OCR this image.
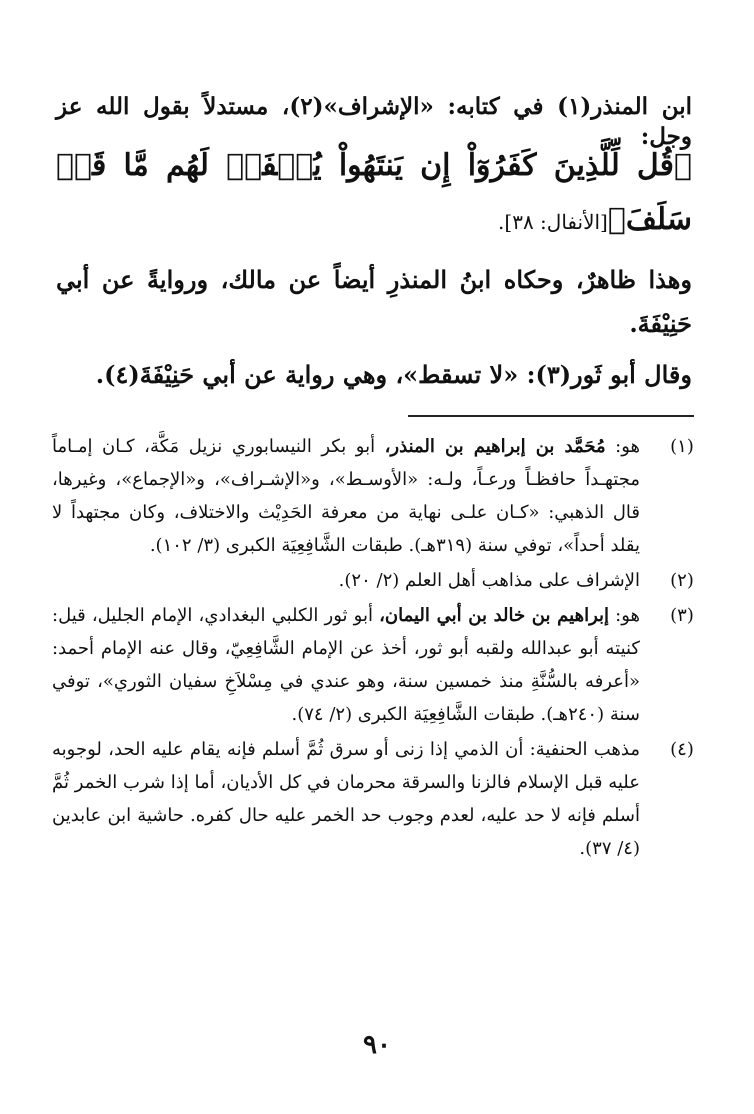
ابن المنذر(١) في كتابه: «الإشراف»(٢)، مستدلاً بقول الله عز وجل:
﴿قُل لِّلَّذِينَ كَفَرُوٓاْ إِن يَنتَهُواْ يُغۡفَرۡ لَهُم مَّا قَدۡ سَلَفَ﴾[الأنفال: ٣٨].
وهذا ظاهرٌ، وحكاه ابنُ المنذرِ أيضاً عن مالك، وروايةً عن أبي حَنِيْفَةَ.
وقال أبو ثَور(٣): «لا تسقط»، وهي رواية عن أبي حَنِيْفَةَ(٤).
(١)
هو: مُحَمَّد بن إبراهيم بن المنذر، أبو بكر النيسابوري نزيل مَكَّة، كـان إمـاماً مجتهـداً حافظـاً ورعـاً، ولـه: «الأوسـط»، و«الإشـراف»، و«الإجماع»، وغيرها، قال الذهبي: «كـان علـى نهاية من معرفة الحَدِيْث والاختلاف، وكان مجتهداً لا يقلد أحداً»، توفي سنة (٣١٩هـ). طبقات الشَّافِعِيَة الكبرى (٣/ ١٠٢).
(٢)
الإشراف على مذاهب أهل العلم (٢/ ٢٠).
(٣)
هو: إبراهيم بن خالد بن أبي اليمان، أبو ثور الكلبي البغدادي، الإمام الجليل، قيل: كنيته أبو عبدالله ولقبه أبو ثور، أخذ عن الإمام الشَّافِعِيّ، وقال عنه الإمام أحمد: «أعرفه بالسُّنَّةِ منذ خمسين سنة، وهو عندي في مِسْلاَخِ سفيان الثوري»، توفي سنة (٢٤٠هـ). طبقات الشَّافِعِيَة الكبرى (٢/ ٧٤).
(٤)
مذهب الحنفية: أن الذمي إذا زنى أو سرق ثُمَّ أسلم فإنه يقام عليه الحد، لوجوبه عليه قبل الإسلام فالزنا والسرقة محرمان في كل الأديان، أما إذا شرب الخمر ثُمَّ أسلم فإنه لا حد عليه، لعدم وجوب حد الخمر عليه حال كفره. حاشية ابن عابدين (٤/ ٣٧).
٩٠
